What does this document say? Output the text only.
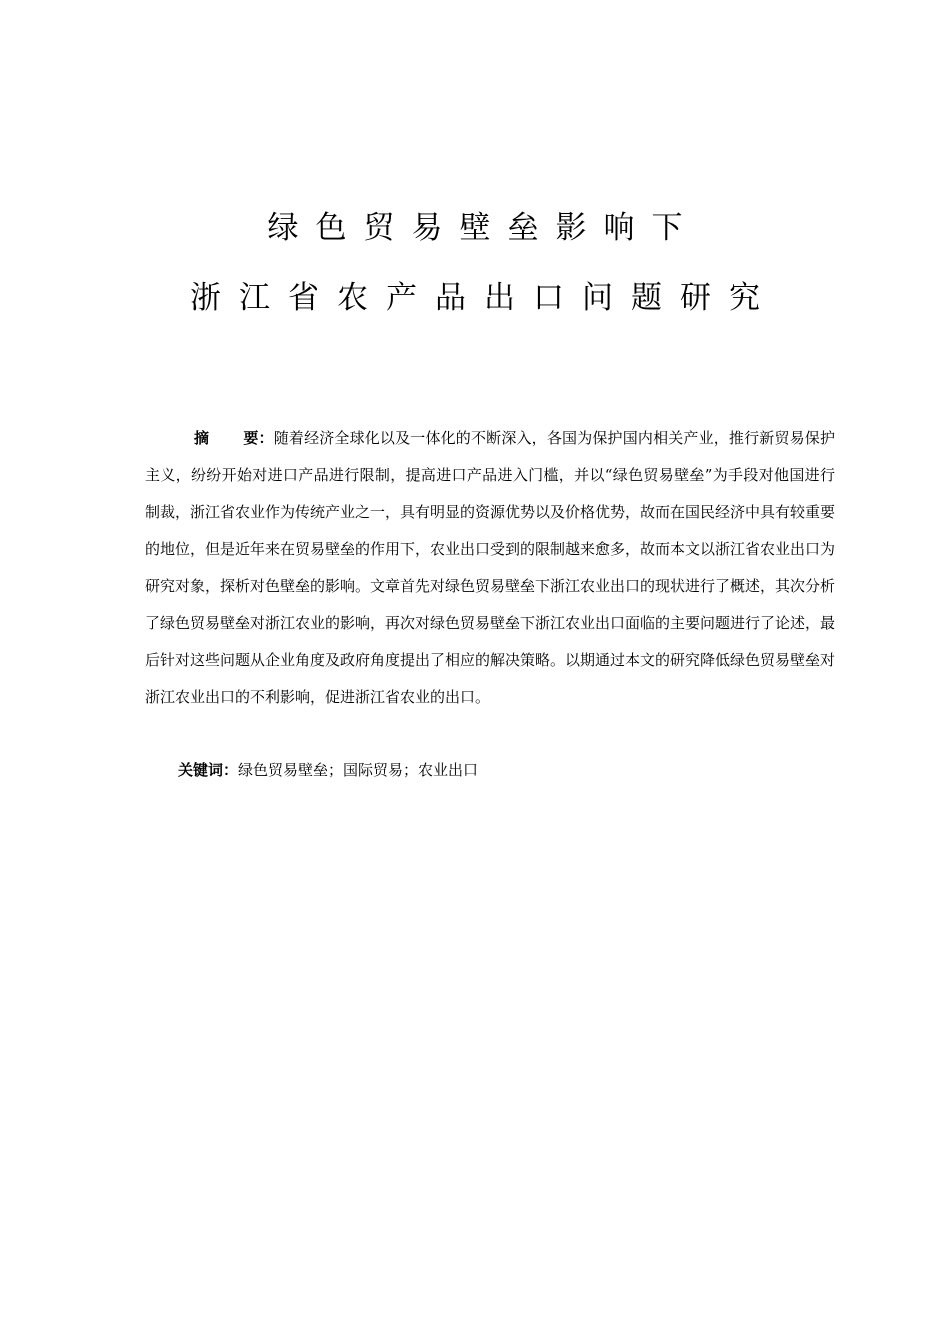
绿色贸易壁垒影响下
浙江省农产品出口问题研究
摘 要：随着经济全球化以及一体化的不断深入，各国为保护国内相关产业，推行新贸易保护主义，纷纷开始对进口产品进行限制，提高进口产品进入门槛，并以“绿色贸易壁垒”为手段对他国进行制裁，浙江省农业作为传统产业之一，具有明显的资源优势以及价格优势，故而在国民经济中具有较重要的地位，但是近年来在贸易壁垒的作用下，农业出口受到的限制越来愈多，故而本文以浙江省农业出口为研究对象，探析对色壁垒的影响。文章首先对绿色贸易壁垒下浙江农业出口的现状进行了概述，其次分析了绿色贸易壁垒对浙江农业的影响，再次对绿色贸易壁垒下浙江农业出口面临的主要问题进行了论述，最后针对这些问题从企业角度及政府角度提出了相应的解决策略。以期通过本文的研究降低绿色贸易壁垒对浙江农业出口的不利影响，促进浙江省农业的出口。
关键词：绿色贸易壁垒；国际贸易；农业出口
